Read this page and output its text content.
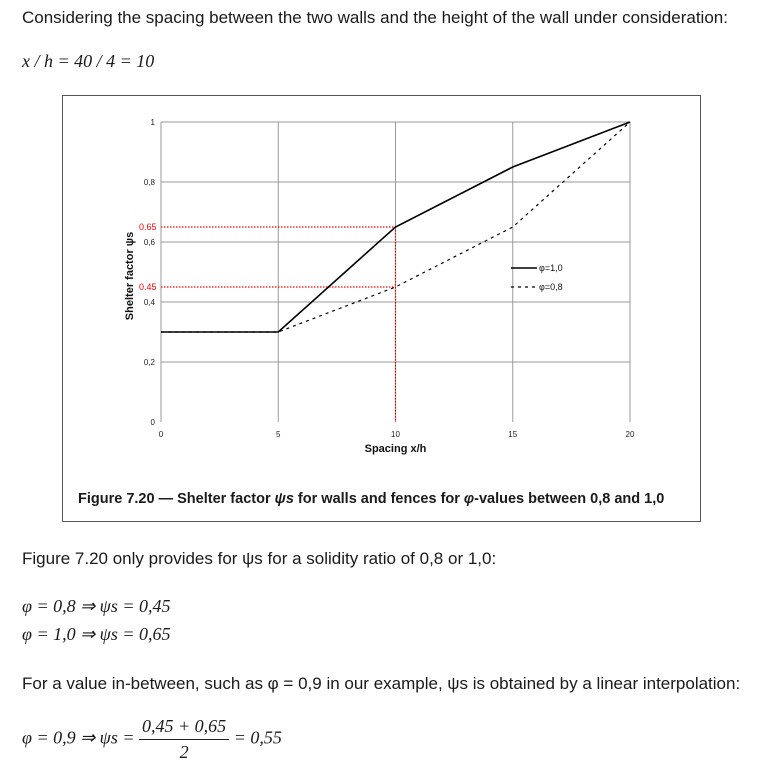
Considering the spacing between the two walls and the height of the wall under consideration:
x / h = 40 / 4 = 10
0
0,2
0,4
0,6
0,8
1
0	5	10	15	20
Spacing x/h
Shelter factor ψs
0.65
0.45
φ=1,0
φ=0,8
Figure 7.20 — Shelter factor ψs for walls and fences for φ-values between 0,8 and 1,0
Figure 7.20 only provides for ψs for a solidity ratio of 0,8 or 1,0:
φ = 0,8 ⇒ ψs = 0,45
φ = 1,0 ⇒ ψs = 0,65
For a value in-between, such as φ = 0,9 in our example, ψs is obtained by a linear interpolation:
φ = 0,9 ⇒ $\psi s = \frac{0,45 + 0,65}{2} = 0,55$
